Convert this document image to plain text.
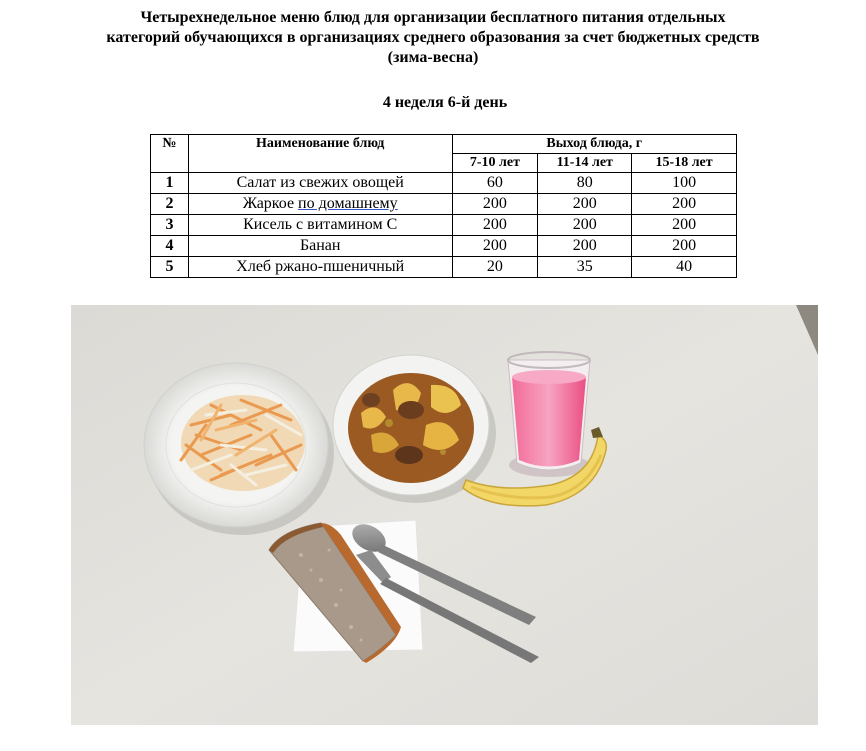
Четырехнедельное меню блюд для организации бесплатного питания отдельных
категорий обучающихся в организациях среднего образования за счет бюджетных средств
(зима-весна)
4 неделя 6-й день
№	Наименование блюд	Выход блюда, г		
		7-10 лет	11-14 лет	15-18 лет
1	Салат из свежих овощей	60	80	100
2	Жаркое по домашнему	200	200	200
3	Кисель с витамином С	200	200	200
4	Банан	200	200	200
5	Хлеб ржано-пшеничный	20	35	40
